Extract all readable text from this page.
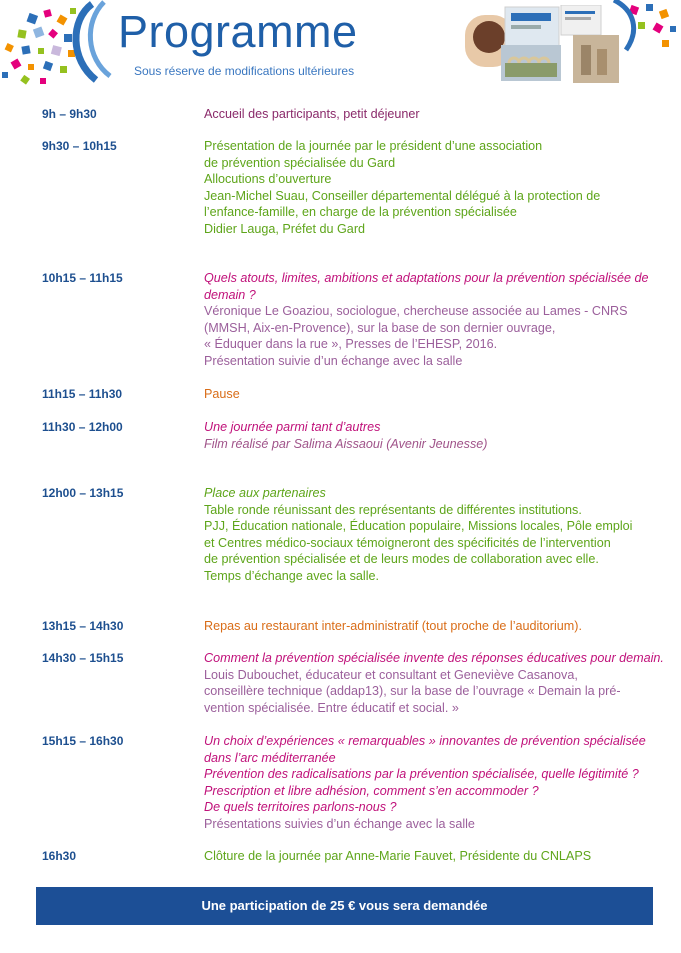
Programme
Sous réserve de modifications ultérieures
9h – 9h30	Accueil des participants, petit déjeuner
9h30 – 10h15	Présentation de la journée par le président d’une association
de prévention spécialisée du Gard
Allocutions d’ouverture
Jean-Michel Suau, Conseiller départemental délégué à la protection de
l’enfance-famille, en charge de la prévention spécialisée
Didier Lauga, Préfet du Gard
10h15 – 11h15	Quels atouts, limites, ambitions et adaptations pour la prévention spécialisée de
demain ?
Véronique Le Goaziou, sociologue, chercheuse associée au Lames - CNRS
(MMSH, Aix-en-Provence), sur la base de son dernier ouvrage,
« Éduquer dans la rue », Presses de l’EHESP, 2016.
Présentation suivie d’un échange avec la salle
11h15 – 11h30	Pause
11h30 – 12h00	Une journée parmi tant d’autres
Film réalisé par Salima Aissaoui (Avenir Jeunesse)
12h00 – 13h15	Place aux partenaires
Table ronde réunissant des représentants de différentes institutions.
PJJ, Éducation nationale, Éducation populaire, Missions locales, Pôle emploi
et Centres médico-sociaux témoigneront des spécificités de l’intervention
de prévention spécialisée et de leurs modes de collaboration avec elle.
Temps d’échange avec la salle.
13h15 – 14h30	Repas au restaurant inter-administratif (tout proche de l’auditorium).
14h30 – 15h15	Comment la prévention spécialisée invente des réponses éducatives pour demain.
Louis Dubouchet, éducateur et consultant et Geneviève Casanova,
conseillère technique (addap13), sur la base de l’ouvrage « Demain la pré-
vention spécialisée. Entre éducatif et social. »
15h15 – 16h30	Un choix d’expériences « remarquables » innovantes de prévention spécialisée
dans l’arc méditerranée
Prévention des radicalisations par la prévention spécialisée, quelle légitimité ?
Prescription et libre adhésion, comment s’en accommoder ?
De quels territoires parlons-nous ?
Présentations suivies d’un échange avec la salle
16h30	Clôture de la journée par Anne-Marie Fauvet, Présidente du CNLAPS
Une participation de 25 € vous sera demandée
